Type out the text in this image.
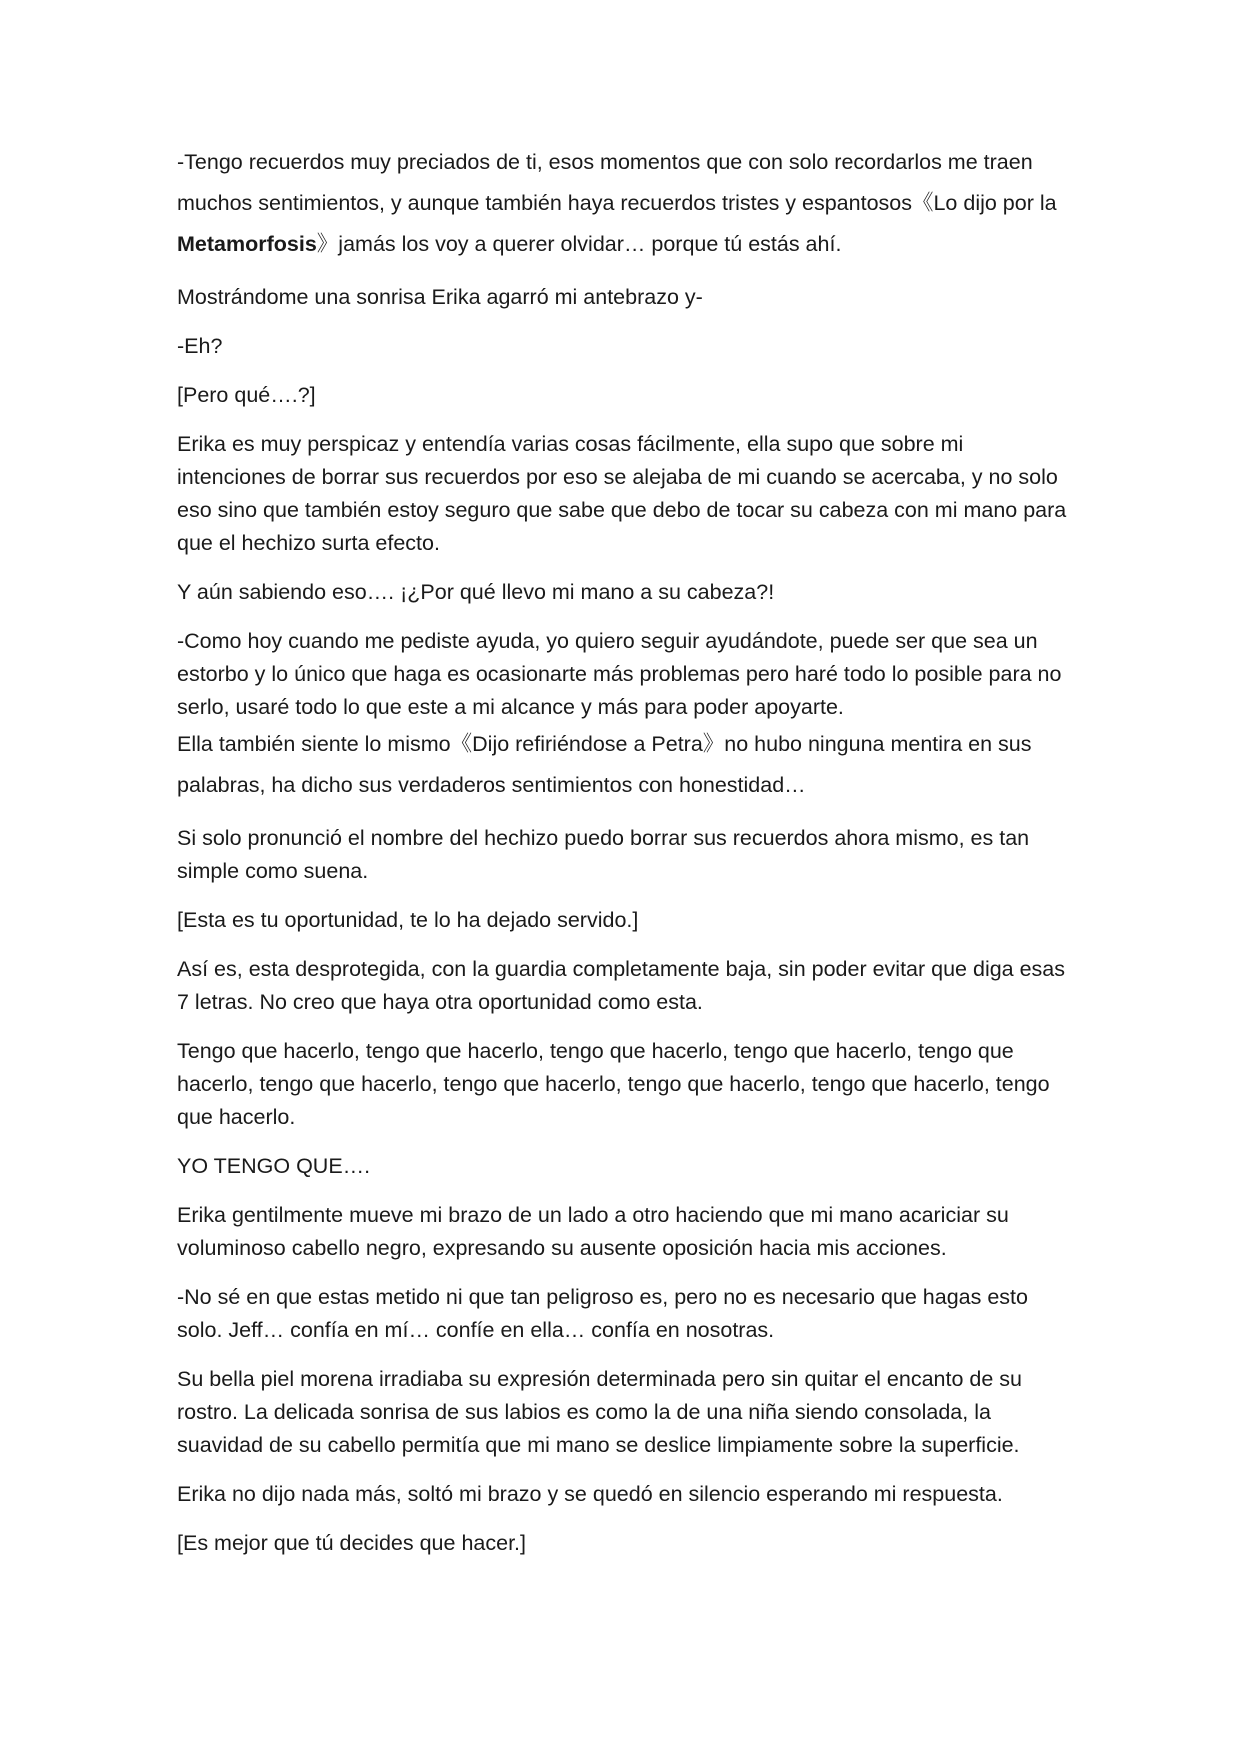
-Tengo recuerdos muy preciados de ti, esos momentos que con solo recordarlos me traen muchos sentimientos, y aunque también haya recuerdos tristes y espantosos《Lo dijo por la Metamorfosis》jamás los voy a querer olvidar… porque tú estás ahí.

Mostrándome una sonrisa Erika agarró mi antebrazo y-

-Eh?

[Pero qué….?]

Erika es muy perspicaz y entendía varias cosas fácilmente, ella supo que sobre mi intenciones de borrar sus recuerdos por eso se alejaba de mi cuando se acercaba, y no solo eso sino que también estoy seguro que sabe que debo de tocar su cabeza con mi mano para que el hechizo surta efecto.

Y aún sabiendo eso…. ¡¿Por qué llevo mi mano a su cabeza?!

-Como hoy cuando me pediste ayuda, yo quiero seguir ayudándote, puede ser que sea un estorbo y lo único que haga es ocasionarte más problemas pero haré todo lo posible para no serlo, usaré todo lo que este a mi alcance y más para poder apoyarte.

Ella también siente lo mismo《Dijo refiriéndose a Petra》no hubo ninguna mentira en sus palabras, ha dicho sus verdaderos sentimientos con honestidad…

Si solo pronunció el nombre del hechizo puedo borrar sus recuerdos ahora mismo, es tan simple como suena.

[Esta es tu oportunidad, te lo ha dejado servido.]

Así es, esta desprotegida, con la guardia completamente baja, sin poder evitar que diga esas 7 letras. No creo que haya otra oportunidad como esta.

Tengo que hacerlo, tengo que hacerlo, tengo que hacerlo, tengo que hacerlo, tengo que hacerlo, tengo que hacerlo, tengo que hacerlo, tengo que hacerlo, tengo que hacerlo, tengo que hacerlo.

YO TENGO QUE….

Erika gentilmente mueve mi brazo de un lado a otro haciendo que mi mano acariciar su voluminoso cabello negro, expresando su ausente oposición hacia mis acciones.

-No sé en que estas metido ni que tan peligroso es, pero no es necesario que hagas esto solo. Jeff… confía en mí… confíe en ella… confía en nosotras.

Su bella piel morena irradiaba su expresión determinada pero sin quitar el encanto de su rostro. La delicada sonrisa de sus labios es como la de una niña siendo consolada, la suavidad de su cabello permitía que mi mano se deslice limpiamente sobre la superficie.

Erika no dijo nada más, soltó mi brazo y se quedó en silencio esperando mi respuesta.

[Es mejor que tú decides que hacer.]
